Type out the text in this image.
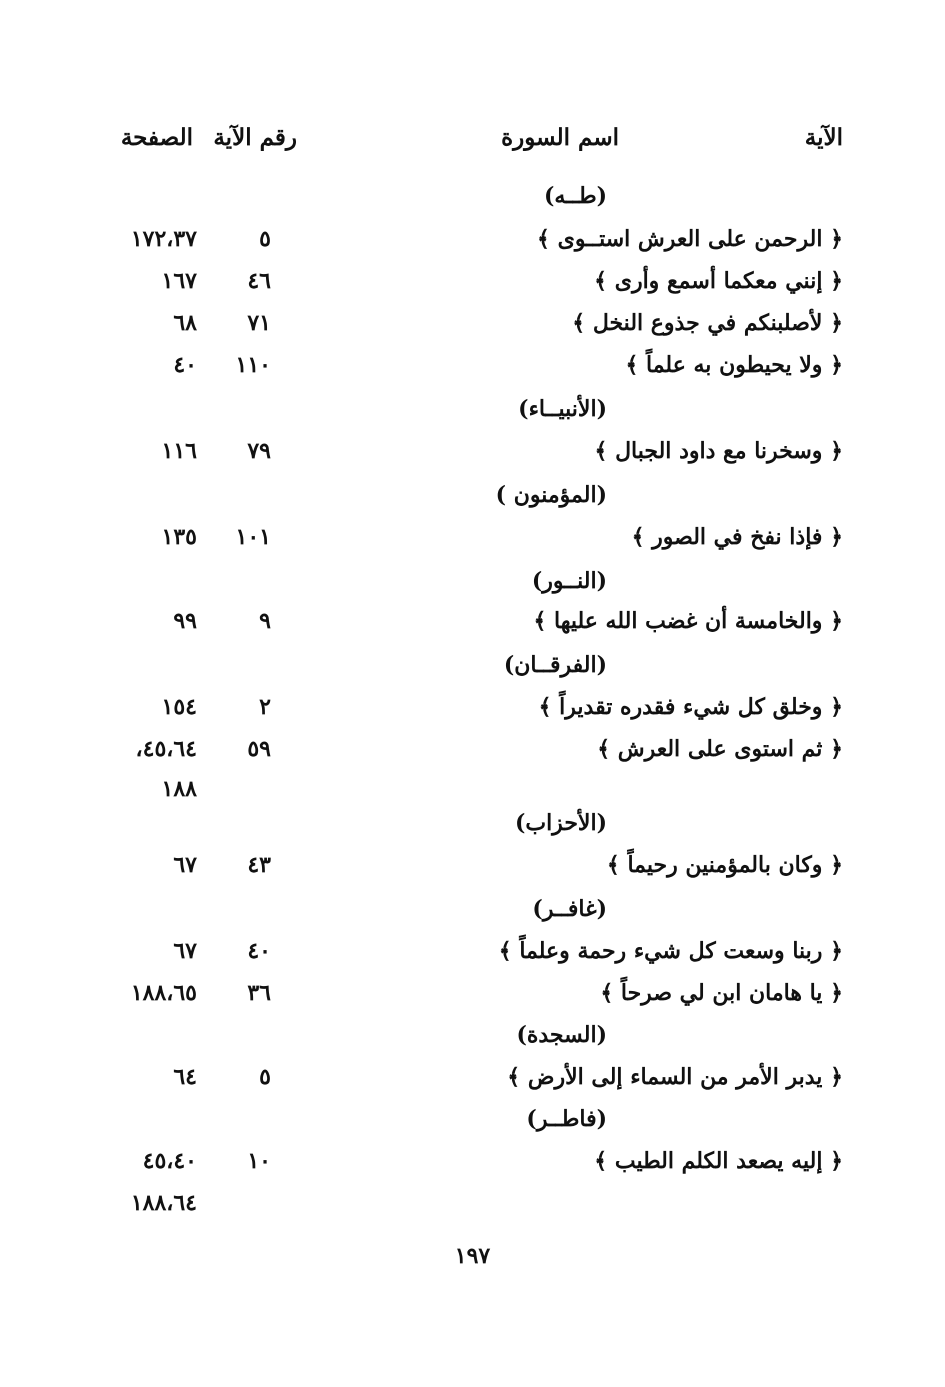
الآية
اسم السورة
رقم الآية
الصفحة
(طــه)
﴿ الرحمن على العرش استــوى ﴾
٥
١٧٢،٣٧
﴿ إنني معكما أسمع وأرى ﴾
٤٦
١٦٧
﴿ لأصلبنكم في جذوع النخل ﴾
٧١
٦٨
﴿ ولا يحيطون به علماً ﴾
١١٠
٤٠
(الأنبيــاء)
﴿ وسخرنا مع داود الجبال ﴾
٧٩
١١٦
(المؤمنون )
﴿ فإذا نفخ في الصور ﴾
١٠١
١٣٥
(النــور)
﴿ والخامسة أن غضب الله عليها ﴾
٩
٩٩
(الفرقــان)
﴿ وخلق كل شيء فقدره تقديراً ﴾
٢
١٥٤
﴿ ثم استوى على العرش ﴾
٥٩
٤٥،٦٤،
١٨٨
(الأحزاب)
﴿ وكان بالمؤمنين رحيماً ﴾
٤٣
٦٧
(غافــر)
﴿ ربنا وسعت كل شيء رحمة وعلماً ﴾
٤٠
٦٧
﴿ يا هامان ابن لي صرحاً ﴾
٣٦
١٨٨،٦٥
(السجدة)
﴿ يدبر الأمر من السماء إلى الأرض ﴾
٥
٦٤
(فاطــر)
﴿ إليه يصعد الكلم الطيب ﴾
١٠
٤٥،٤٠
١٨٨،٦٤
١٩٧
